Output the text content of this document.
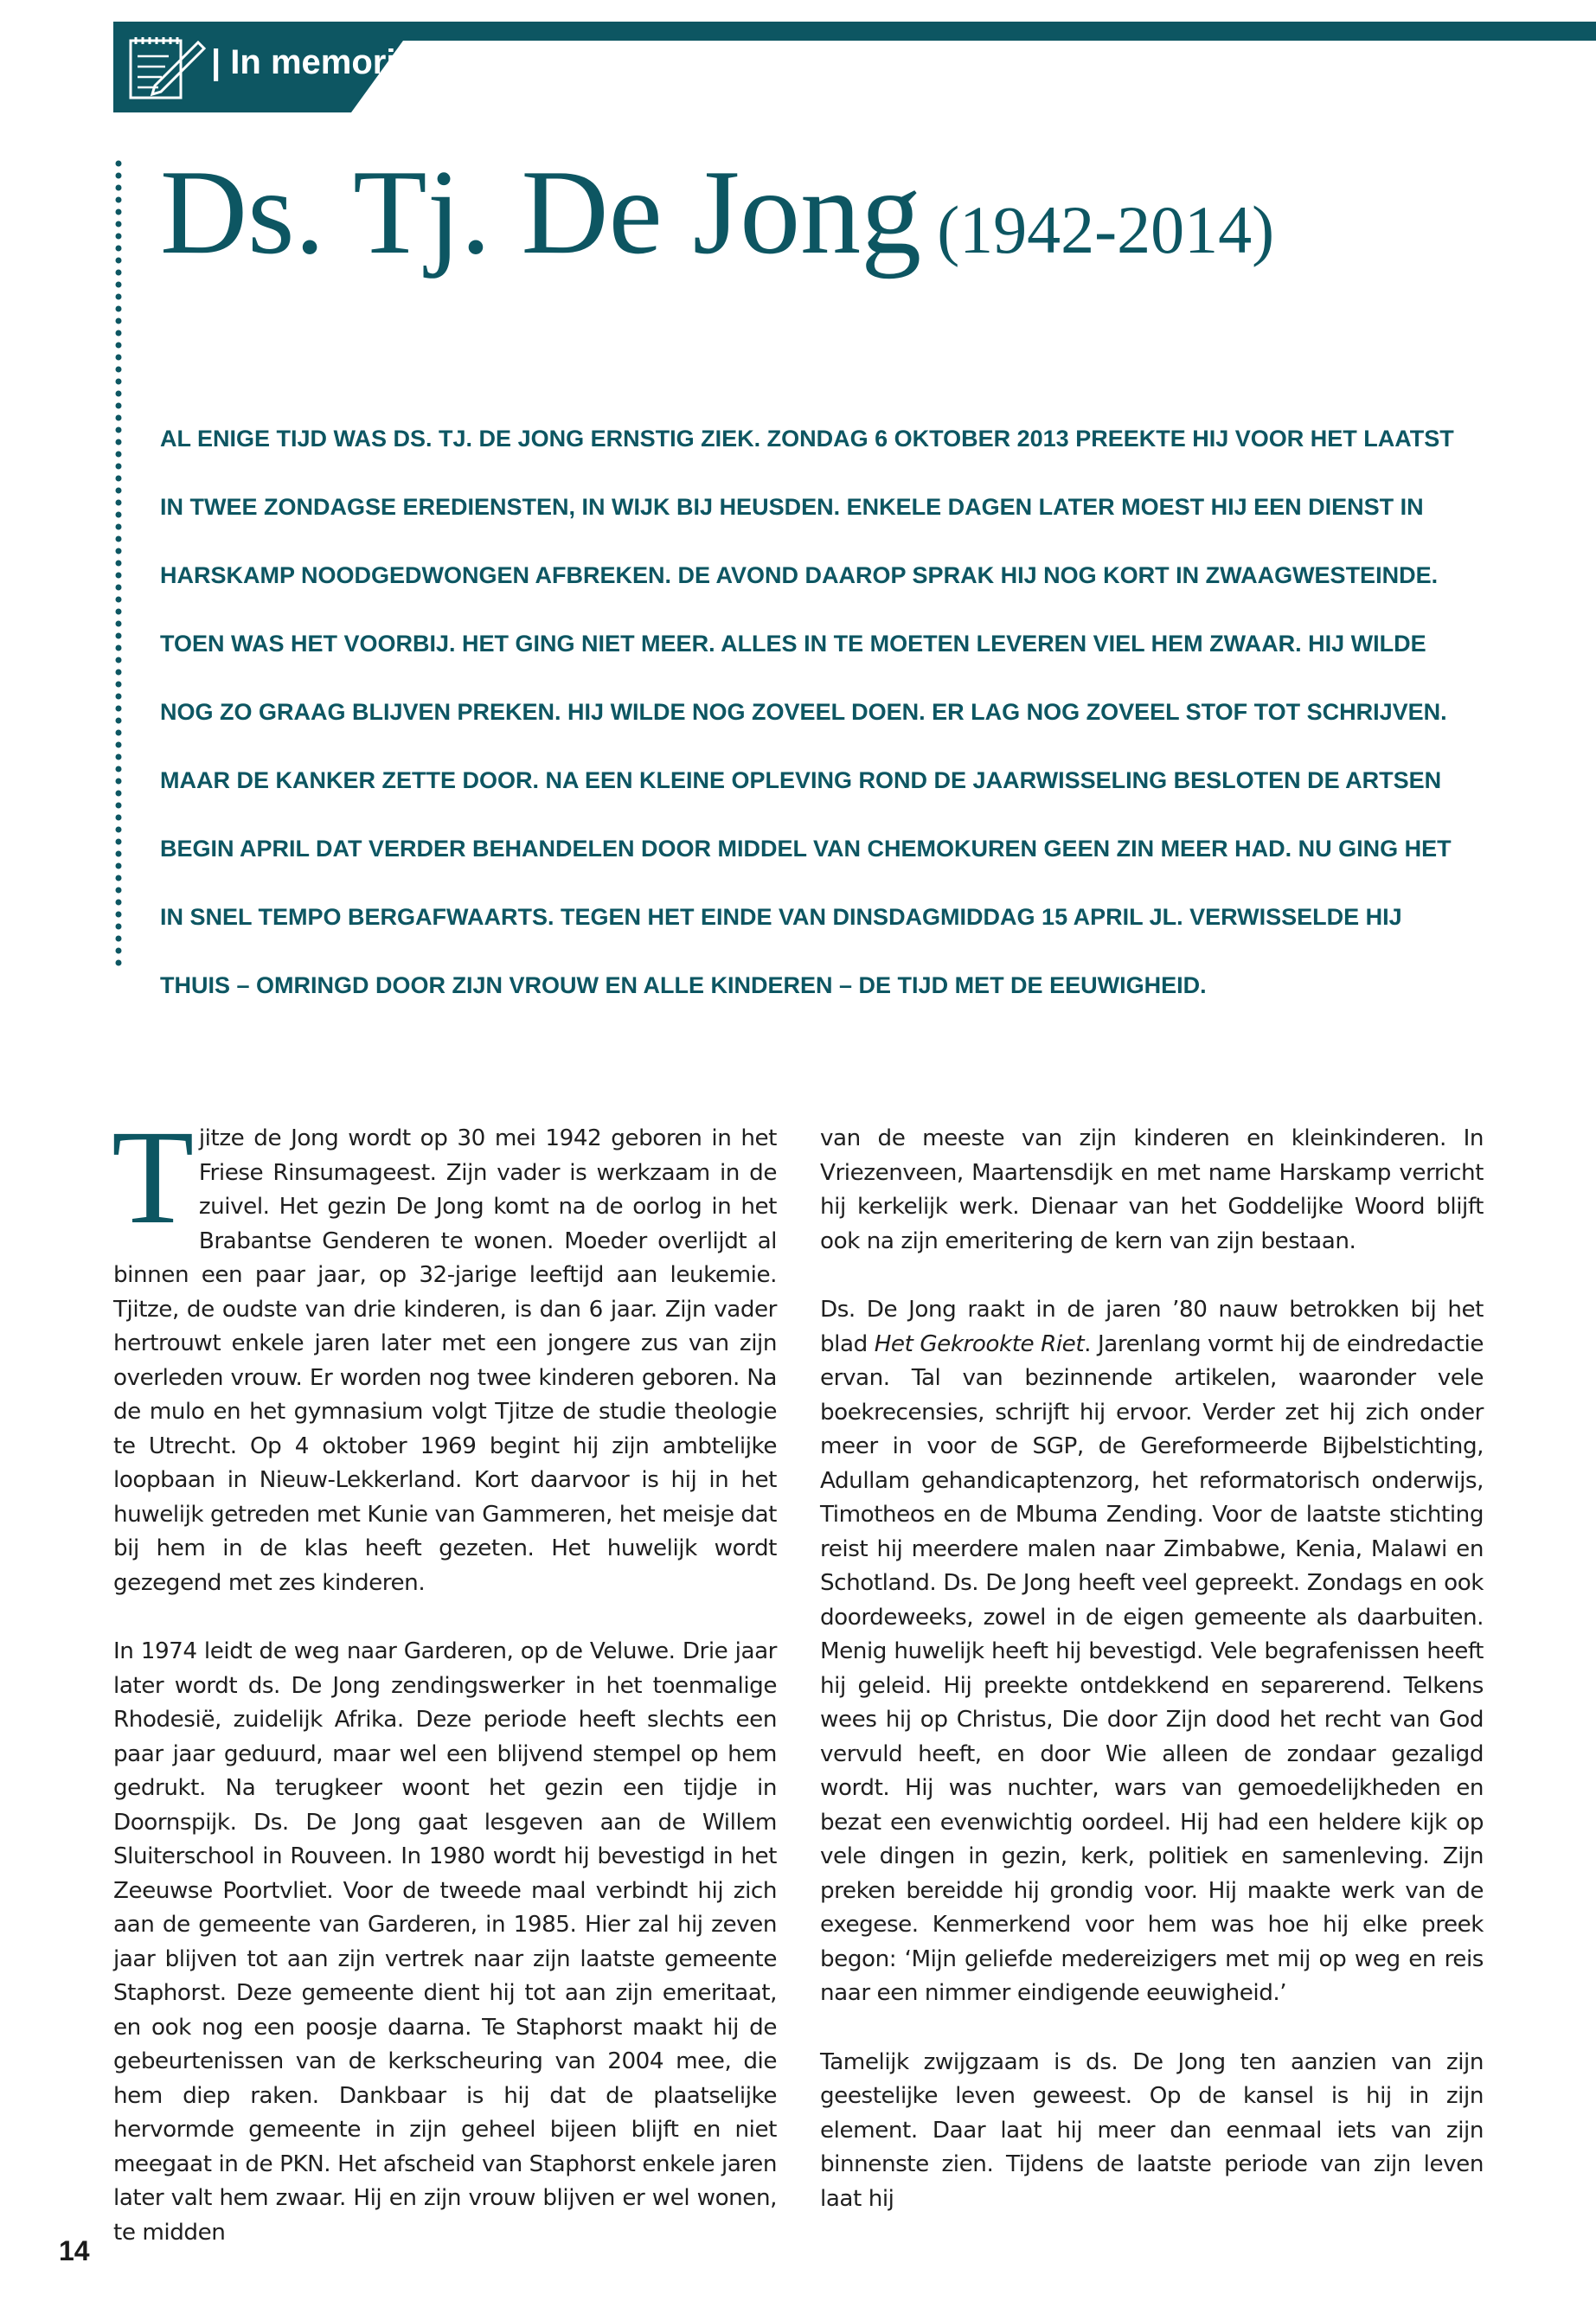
| In memoriam
Ds. Tj. De Jong (1942-2014)
AL ENIGE TIJD WAS DS. TJ. DE JONG ERNSTIG ZIEK. ZONDAG 6 OKTOBER 2013 PREEKTE HIJ VOOR HET LAATST
IN TWEE ZONDAGSE EREDIENSTEN, IN WIJK BIJ HEUSDEN. ENKELE DAGEN LATER MOEST HIJ EEN DIENST IN
HARSKAMP NOODGEDWONGEN AFBREKEN. DE AVOND DAAROP SPRAK HIJ NOG KORT IN ZWAAGWESTEINDE.
TOEN WAS HET VOORBIJ. HET GING NIET MEER. ALLES IN TE MOETEN LEVEREN VIEL HEM ZWAAR. HIJ WILDE
NOG ZO GRAAG BLIJVEN PREKEN. HIJ WILDE NOG ZOVEEL DOEN. ER LAG NOG ZOVEEL STOF TOT SCHRIJVEN.
MAAR DE KANKER ZETTE DOOR. NA EEN KLEINE OPLEVING ROND DE JAARWISSELING BESLOTEN DE ARTSEN
BEGIN APRIL DAT VERDER BEHANDELEN DOOR MIDDEL VAN CHEMOKUREN GEEN ZIN MEER HAD. NU GING HET
IN SNEL TEMPO BERGAFWAARTS. TEGEN HET EINDE VAN DINSDAGMIDDAG 15 APRIL JL. VERWISSELDE HIJ
THUIS – OMRINGD DOOR ZIJN VROUW EN ALLE KINDEREN – DE TIJD MET DE EEUWIGHEID.

Tjitze de Jong wordt op 30 mei 1942 geboren in het Friese Rinsumageest. Zijn vader is werkzaam in de zuivel. Het gezin De Jong komt na de oorlog in het Brabantse Genderen te wonen. Moeder overlijdt al binnen een paar jaar, op 32-jarige leeftijd aan leukemie. Tjitze, de oudste van drie kinderen, is dan 6 jaar. Zijn vader hertrouwt enkele jaren later met een jongere zus van zijn overleden vrouw. Er worden nog twee kinderen geboren. Na de mulo en het gymnasium volgt Tjitze de studie theologie te Utrecht. Op 4 oktober 1969 begint hij zijn ambtelijke loopbaan in Nieuw-Lekkerland. Kort daarvoor is hij in het huwelijk getreden met Kunie van Gammeren, het meisje dat bij hem in de klas heeft gezeten. Het huwelijk wordt gezegend met zes kinderen.

In 1974 leidt de weg naar Garderen, op de Veluwe. Drie jaar later wordt ds. De Jong zendingswerker in het toenmalige Rhodesië, zuidelijk Afrika. Deze periode heeft slechts een paar jaar geduurd, maar wel een blijvend stempel op hem gedrukt. Na terugkeer woont het gezin een tijdje in Doornspijk. Ds. De Jong gaat lesgeven aan de Willem Sluiterschool in Rouveen. In 1980 wordt hij bevestigd in het Zeeuwse Poortvliet. Voor de tweede maal verbindt hij zich aan de gemeente van Garderen, in 1985. Hier zal hij zeven jaar blijven tot aan zijn vertrek naar zijn laatste gemeente Staphorst. Deze gemeente dient hij tot aan zijn emeritaat, en ook nog een poosje daarna. Te Staphorst maakt hij de gebeurtenissen van de kerkscheuring van 2004 mee, die hem diep raken. Dankbaar is hij dat de plaatselijke hervormde gemeente in zijn geheel bijeen blijft en niet meegaat in de PKN. Het afscheid van Staphorst enkele jaren later valt hem zwaar. Hij en zijn vrouw blijven er wel wonen, te midden

van de meeste van zijn kinderen en kleinkinderen. In Vriezenveen, Maartensdijk en met name Harskamp verricht hij kerkelijk werk. Dienaar van het Goddelijke Woord blijft ook na zijn emeritering de kern van zijn bestaan.

Ds. De Jong raakt in de jaren ’80 nauw betrokken bij het blad Het Gekrookte Riet. Jarenlang vormt hij de eindredactie ervan. Tal van bezinnende artikelen, waaronder vele boekrecensies, schrijft hij ervoor. Verder zet hij zich onder meer in voor de SGP, de Gereformeerde Bijbelstichting, Adullam gehandicaptenzorg, het reformatorisch onderwijs, Timotheos en de Mbuma Zending. Voor de laatste stichting reist hij meerdere malen naar Zimbabwe, Kenia, Malawi en Schotland. Ds. De Jong heeft veel gepreekt. Zondags en ook doordeweeks, zowel in de eigen gemeente als daarbuiten. Menig huwelijk heeft hij bevestigd. Vele begrafenissen heeft hij geleid. Hij preekte ontdekkend en separerend. Telkens wees hij op Christus, Die door Zijn dood het recht van God vervuld heeft, en door Wie alleen de zondaar gezaligd wordt. Hij was nuchter, wars van gemoedelijkheden en bezat een evenwichtig oordeel. Hij had een heldere kijk op vele dingen in gezin, kerk, politiek en samenleving. Zijn preken bereidde hij grondig voor. Hij maakte werk van de exegese. Kenmerkend voor hem was hoe hij elke preek begon: ‘Mijn geliefde medereizigers met mij op weg en reis naar een nimmer eindigende eeuwigheid.’

Tamelijk zwijgzaam is ds. De Jong ten aanzien van zijn geestelijke leven geweest. Op de kansel is hij in zijn element. Daar laat hij meer dan eenmaal iets van zijn binnenste zien. Tijdens de laatste periode van zijn leven laat hij

14
